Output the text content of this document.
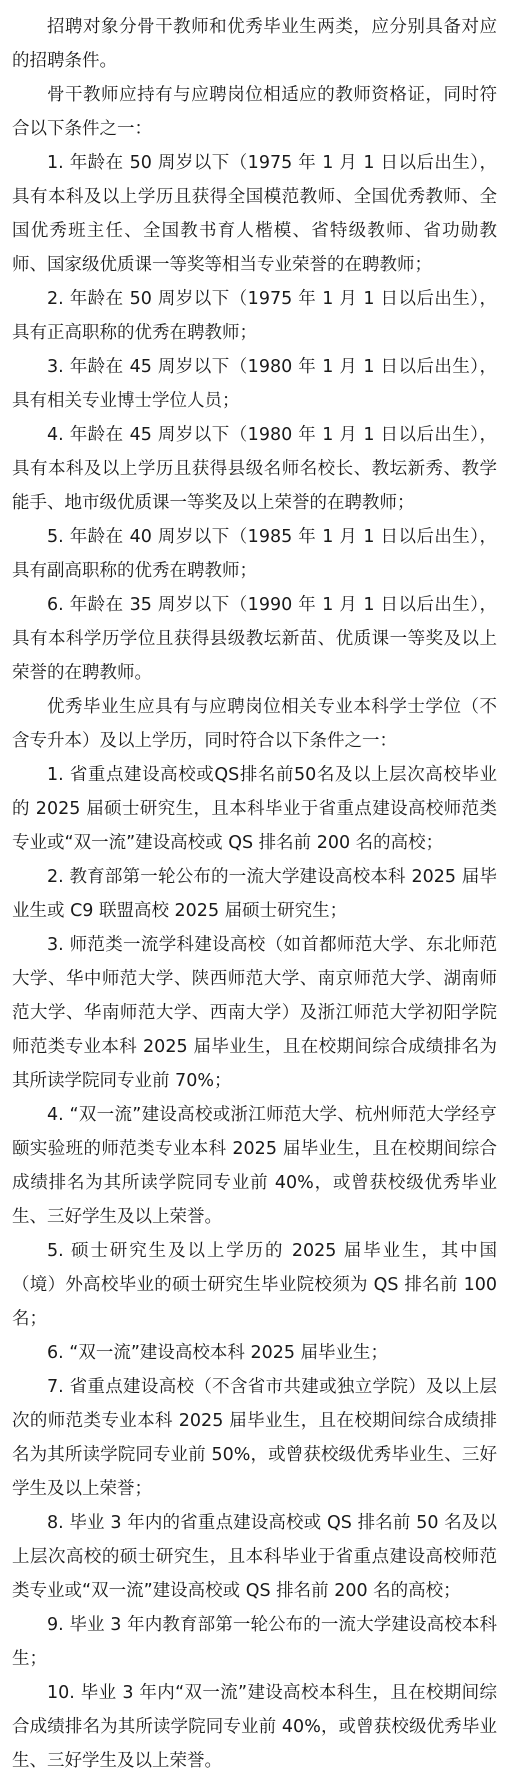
招聘对象分骨干教师和优秀毕业生两类，应分别具备对应的招聘条件。

骨干教师应持有与应聘岗位相适应的教师资格证，同时符合以下条件之一：

1. 年龄在 50 周岁以下（1975 年 1 月 1 日以后出生），具有本科及以上学历且获得全国模范教师、全国优秀教师、全国优秀班主任、全国教书育人楷模、省特级教师、省功勋教师、国家级优质课一等奖等相当专业荣誉的在聘教师；

2. 年龄在 50 周岁以下（1975 年 1 月 1 日以后出生），具有正高职称的优秀在聘教师；

3. 年龄在 45 周岁以下（1980 年 1 月 1 日以后出生），具有相关专业博士学位人员；

4. 年龄在 45 周岁以下（1980 年 1 月 1 日以后出生），具有本科及以上学历且获得县级名师名校长、教坛新秀、教学能手、地市级优质课一等奖及以上荣誉的在聘教师；

5. 年龄在 40 周岁以下（1985 年 1 月 1 日以后出生），具有副高职称的优秀在聘教师；

6. 年龄在 35 周岁以下（1990 年 1 月 1 日以后出生），具有本科学历学位且获得县级教坛新苗、优质课一等奖及以上荣誉的在聘教师。

优秀毕业生应具有与应聘岗位相关专业本科学士学位（不含专升本）及以上学历，同时符合以下条件之一：

1. 省重点建设高校或QS排名前50名及以上层次高校毕业的 2025 届硕士研究生，且本科毕业于省重点建设高校师范类专业或“双一流”建设高校或 QS 排名前 200 名的高校；

2. 教育部第一轮公布的一流大学建设高校本科 2025 届毕业生或 C9 联盟高校 2025 届硕士研究生；

3. 师范类一流学科建设高校（如首都师范大学、东北师范大学、华中师范大学、陕西师范大学、南京师范大学、湖南师范大学、华南师范大学、西南大学）及浙江师范大学初阳学院师范类专业本科 2025 届毕业生，且在校期间综合成绩排名为其所读学院同专业前 70%；

4. “双一流”建设高校或浙江师范大学、杭州师范大学经亨颐实验班的师范类专业本科 2025 届毕业生，且在校期间综合成绩排名为其所读学院同专业前 40%，或曾获校级优秀毕业生、三好学生及以上荣誉。

5. 硕士研究生及以上学历的 2025 届毕业生，其中国（境）外高校毕业的硕士研究生毕业院校须为 QS 排名前 100 名；

6. “双一流”建设高校本科 2025 届毕业生；

7. 省重点建设高校（不含省市共建或独立学院）及以上层次的师范类专业本科 2025 届毕业生，且在校期间综合成绩排名为其所读学院同专业前 50%，或曾获校级优秀毕业生、三好学生及以上荣誉；

8. 毕业 3 年内的省重点建设高校或 QS 排名前 50 名及以上层次高校的硕士研究生，且本科毕业于省重点建设高校师范类专业或“双一流”建设高校或 QS 排名前 200 名的高校；

9. 毕业 3 年内教育部第一轮公布的一流大学建设高校本科生；

10. 毕业 3 年内“双一流”建设高校本科生，且在校期间综合成绩排名为其所读学院同专业前 40%，或曾获校级优秀毕业生、三好学生及以上荣誉。
